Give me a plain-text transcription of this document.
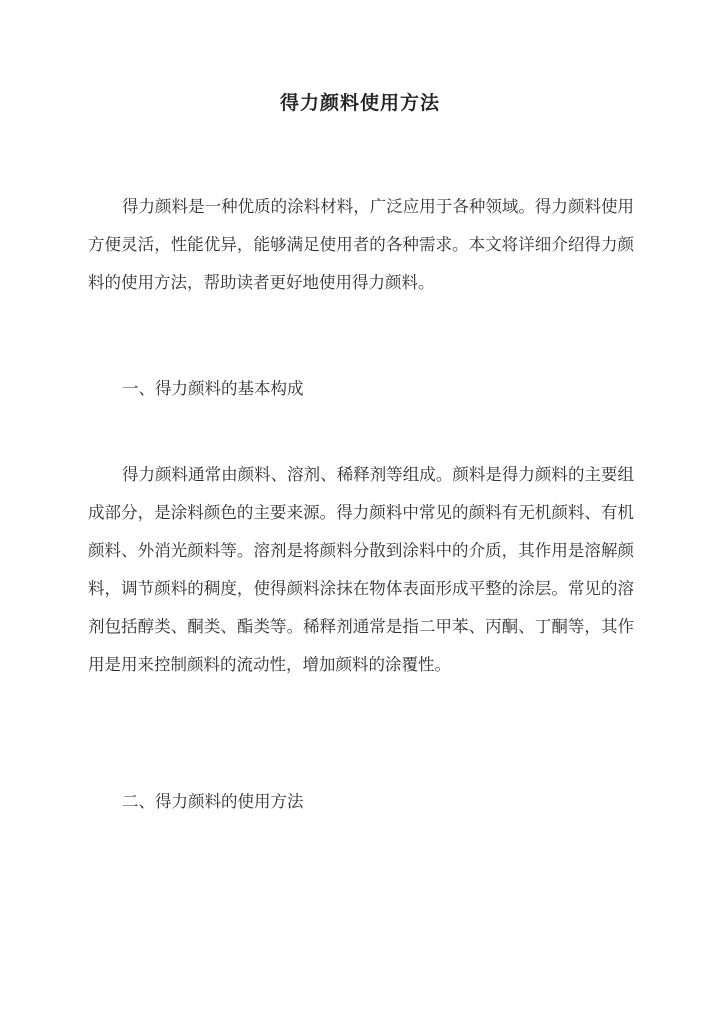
得力颜料使用方法

得力颜料是一种优质的涂料材料，广泛应用于各种领域。得力颜料使用方便灵活，性能优异，能够满足使用者的各种需求。本文将详细介绍得力颜料的使用方法，帮助读者更好地使用得力颜料。

一、得力颜料的基本构成

得力颜料通常由颜料、溶剂、稀释剂等组成。颜料是得力颜料的主要组成部分，是涂料颜色的主要来源。得力颜料中常见的颜料有无机颜料、有机颜料、外消光颜料等。溶剂是将颜料分散到涂料中的介质，其作用是溶解颜料，调节颜料的稠度，使得颜料涂抹在物体表面形成平整的涂层。常见的溶剂包括醇类、酮类、酯类等。稀释剂通常是指二甲苯、丙酮、丁酮等，其作用是用来控制颜料的流动性，增加颜料的涂覆性。

二、得力颜料的使用方法
